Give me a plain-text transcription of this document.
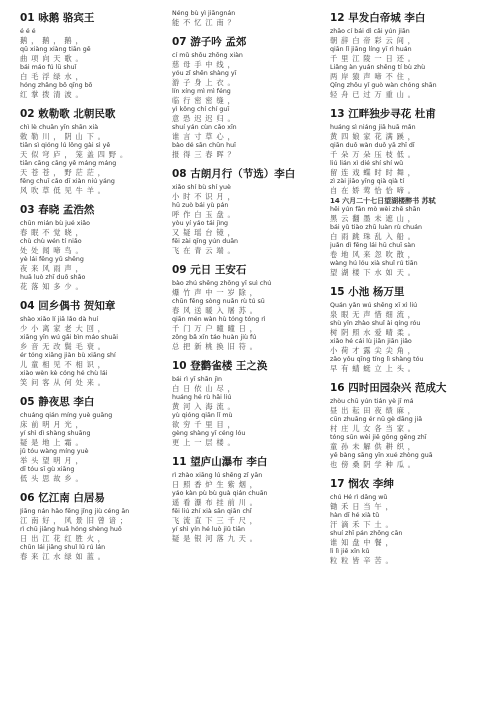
01 咏鹅 骆宾王
é é é
鹅，鹅，鹅，
qū xiàng xiàng tiān gē
曲项向天歌。
bái máo fú lǜ shuǐ
白毛浮绿水，
hóng zhǎng bō qīng bō
红掌拨清波。
02 敕勒歌 北朝民歌
chì lè chuān yīn shān xià
敕勒川，阴山下。
tiān sì qióng lú lǒng gài sì yě
天似穹庐，笼盖四野。
tiān cāng cāng yě máng máng
天苍苍，野茫茫，
fēng chuī cǎo dī xiàn niú yáng
风吹草低见牛羊。
03 春晓 孟浩然
chūn mián bù jué xiǎo
春眠不觉晓，
chù chù wén tí niǎo
处处闻啼鸟。
yè lái fēng yǔ shēng
夜来风雨声，
huā luò zhī duō shǎo
花落知多少。
04 回乡偶书 贺知章
shào xiǎo lí jiā lǎo dà huí
少小离家老大回，
xiāng yīn wú gǎi bìn máo shuāi
乡音无改鬓毛衰。
ér tóng xiāng jiàn bù xiāng shí
儿童相见不相识，
xiào wèn kè cóng hé chù lái
笑问客从何处来。
05 静夜思 李白
chuáng qián míng yuè guāng
床前明月光，
yí shì dì shàng shuāng
疑是地上霜。
jǔ tóu wàng míng yuè
举头望明月，
dī tóu sī gù xiāng
低头思故乡。
06 忆江南 白居易
Jiāng nán hǎo fēng jǐng jiù céng ān
江南好，风景旧曾谙；
rì chū jiāng huā hóng shèng huǒ
日出江花红胜火，
chūn lái jiāng shuǐ lǜ rú lán
春来江水绿如蓝。
Néng bù yì jiāngnán
能不忆江南？
07 游子吟 孟郊
cí mǔ shǒu zhōng xiàn
慈母手中线，
yóu zǐ shēn shàng yī
游子身上衣。
lín xíng mì mì féng
临行密密缝，
yì kǒng chí chí guī
意恐迟迟归。
shuí yán cùn cǎo xīn
谁言寸草心，
bào dé sān chūn huī
报得三春晖？
08 古朗月行（节选）李白
xiǎo shí bù shí yuè
小时不识月，
hū zuò bái yù pán
呼作白玉盘。
yòu yí yáo tái jìng
又疑瑶台镜，
fēi zài qīng yún duān
飞在青云端。
09 元日 王安石
bào zhú shēng zhōng yī suì chú
爆竹声中一岁除，
chūn fēng sòng nuǎn rù tú sū
春风送暖入屠苏。
qiān mén wàn hù tóng tóng rì
千门万户曈曈日，
zǒng bǎ xīn táo huàn jiù fú
总把新桃换旧符。
10 登鹳雀楼 王之涣
bái rì yī shān jìn
白日依山尽，
huáng hé rù hǎi liú
黄河入海流。
yù qióng qiān lǐ mù
欲穷千里目，
gèng shàng yī céng lóu
更上一层楼。
11 望庐山瀑布 李白
rì zhào xiāng lú shēng zǐ yān
日照香炉生紫烟，
yáo kàn pù bù guà qián chuān
遥看瀑布挂前川。
fēi liú zhí xià sān qiān chǐ
飞流直下三千尺，
yí shì yín hé luò jiǔ tiān
疑是银河落九天。
12 早发白帝城 李白
zhāo cí bái dì cǎi yún jiān
朝辞白帝彩云间，
qiān lǐ jiāng líng yī rì huán
千里江陵一日还。
Liǎng àn yuán shēng tí bù zhù
两岸猿声啼不住，
Qīng zhōu yǐ guò wàn chóng shān
轻舟已过万重山。
13 江畔独步寻花 杜甫
huáng sì niáng jiā huā mǎn
黄四娘家花满蹊，
qiān duǒ wàn duǒ yā zhī dī
千朵万朵压枝低。
liú lián xì dié shí shí wǔ
留连戏蝶时时舞，
zì zài jiāo yīng qià qià tí
自在娇莺恰恰啼。
14 六月二十七日望湖楼醉书 苏轼
hēi yún fān mò wèi zhē shān
黑云翻墨未遮山，
bái yǔ tiào zhū luàn rù chuán
白雨跳珠乱入船。
juǎn dì fēng lái hū chuī sàn
卷地风来忽吹散，
wàng hú lóu xià shuǐ rú tiān
望湖楼下水如天。
15 小池 杨万里
Quán yǎn wú shēng xī xì liú
泉眼无声惜细流，
shù yīn zhào shuǐ ài qíng róu
树阴照水爱晴柔。
xiǎo hé cái lù jiān jiān jiǎo
小荷才露尖尖角，
zǎo yǒu qīng tíng lì shàng tóu
早有蜻蜓立上头。
16 四时田园杂兴 范成大
zhòu chū yún tián yè jī má
昼出耘田夜绩麻，
cūn zhuāng ér nǚ gè dāng jiā
村庄儿女各当家。
tóng sūn wèi jiě gōng gēng zhī
童孙未解供耕织，
yě bàng sāng yīn xué zhòng guā
也傍桑阴学种瓜。
17 悯农 李绅
chú Hé rì dāng wǔ
锄禾日当午，
hàn dī hé xià tǔ
汗滴禾下土。
shuí zhī pán zhōng cān
谁知盘中餐，
lì lì jiē xīn kǔ
粒粒皆辛苦。
